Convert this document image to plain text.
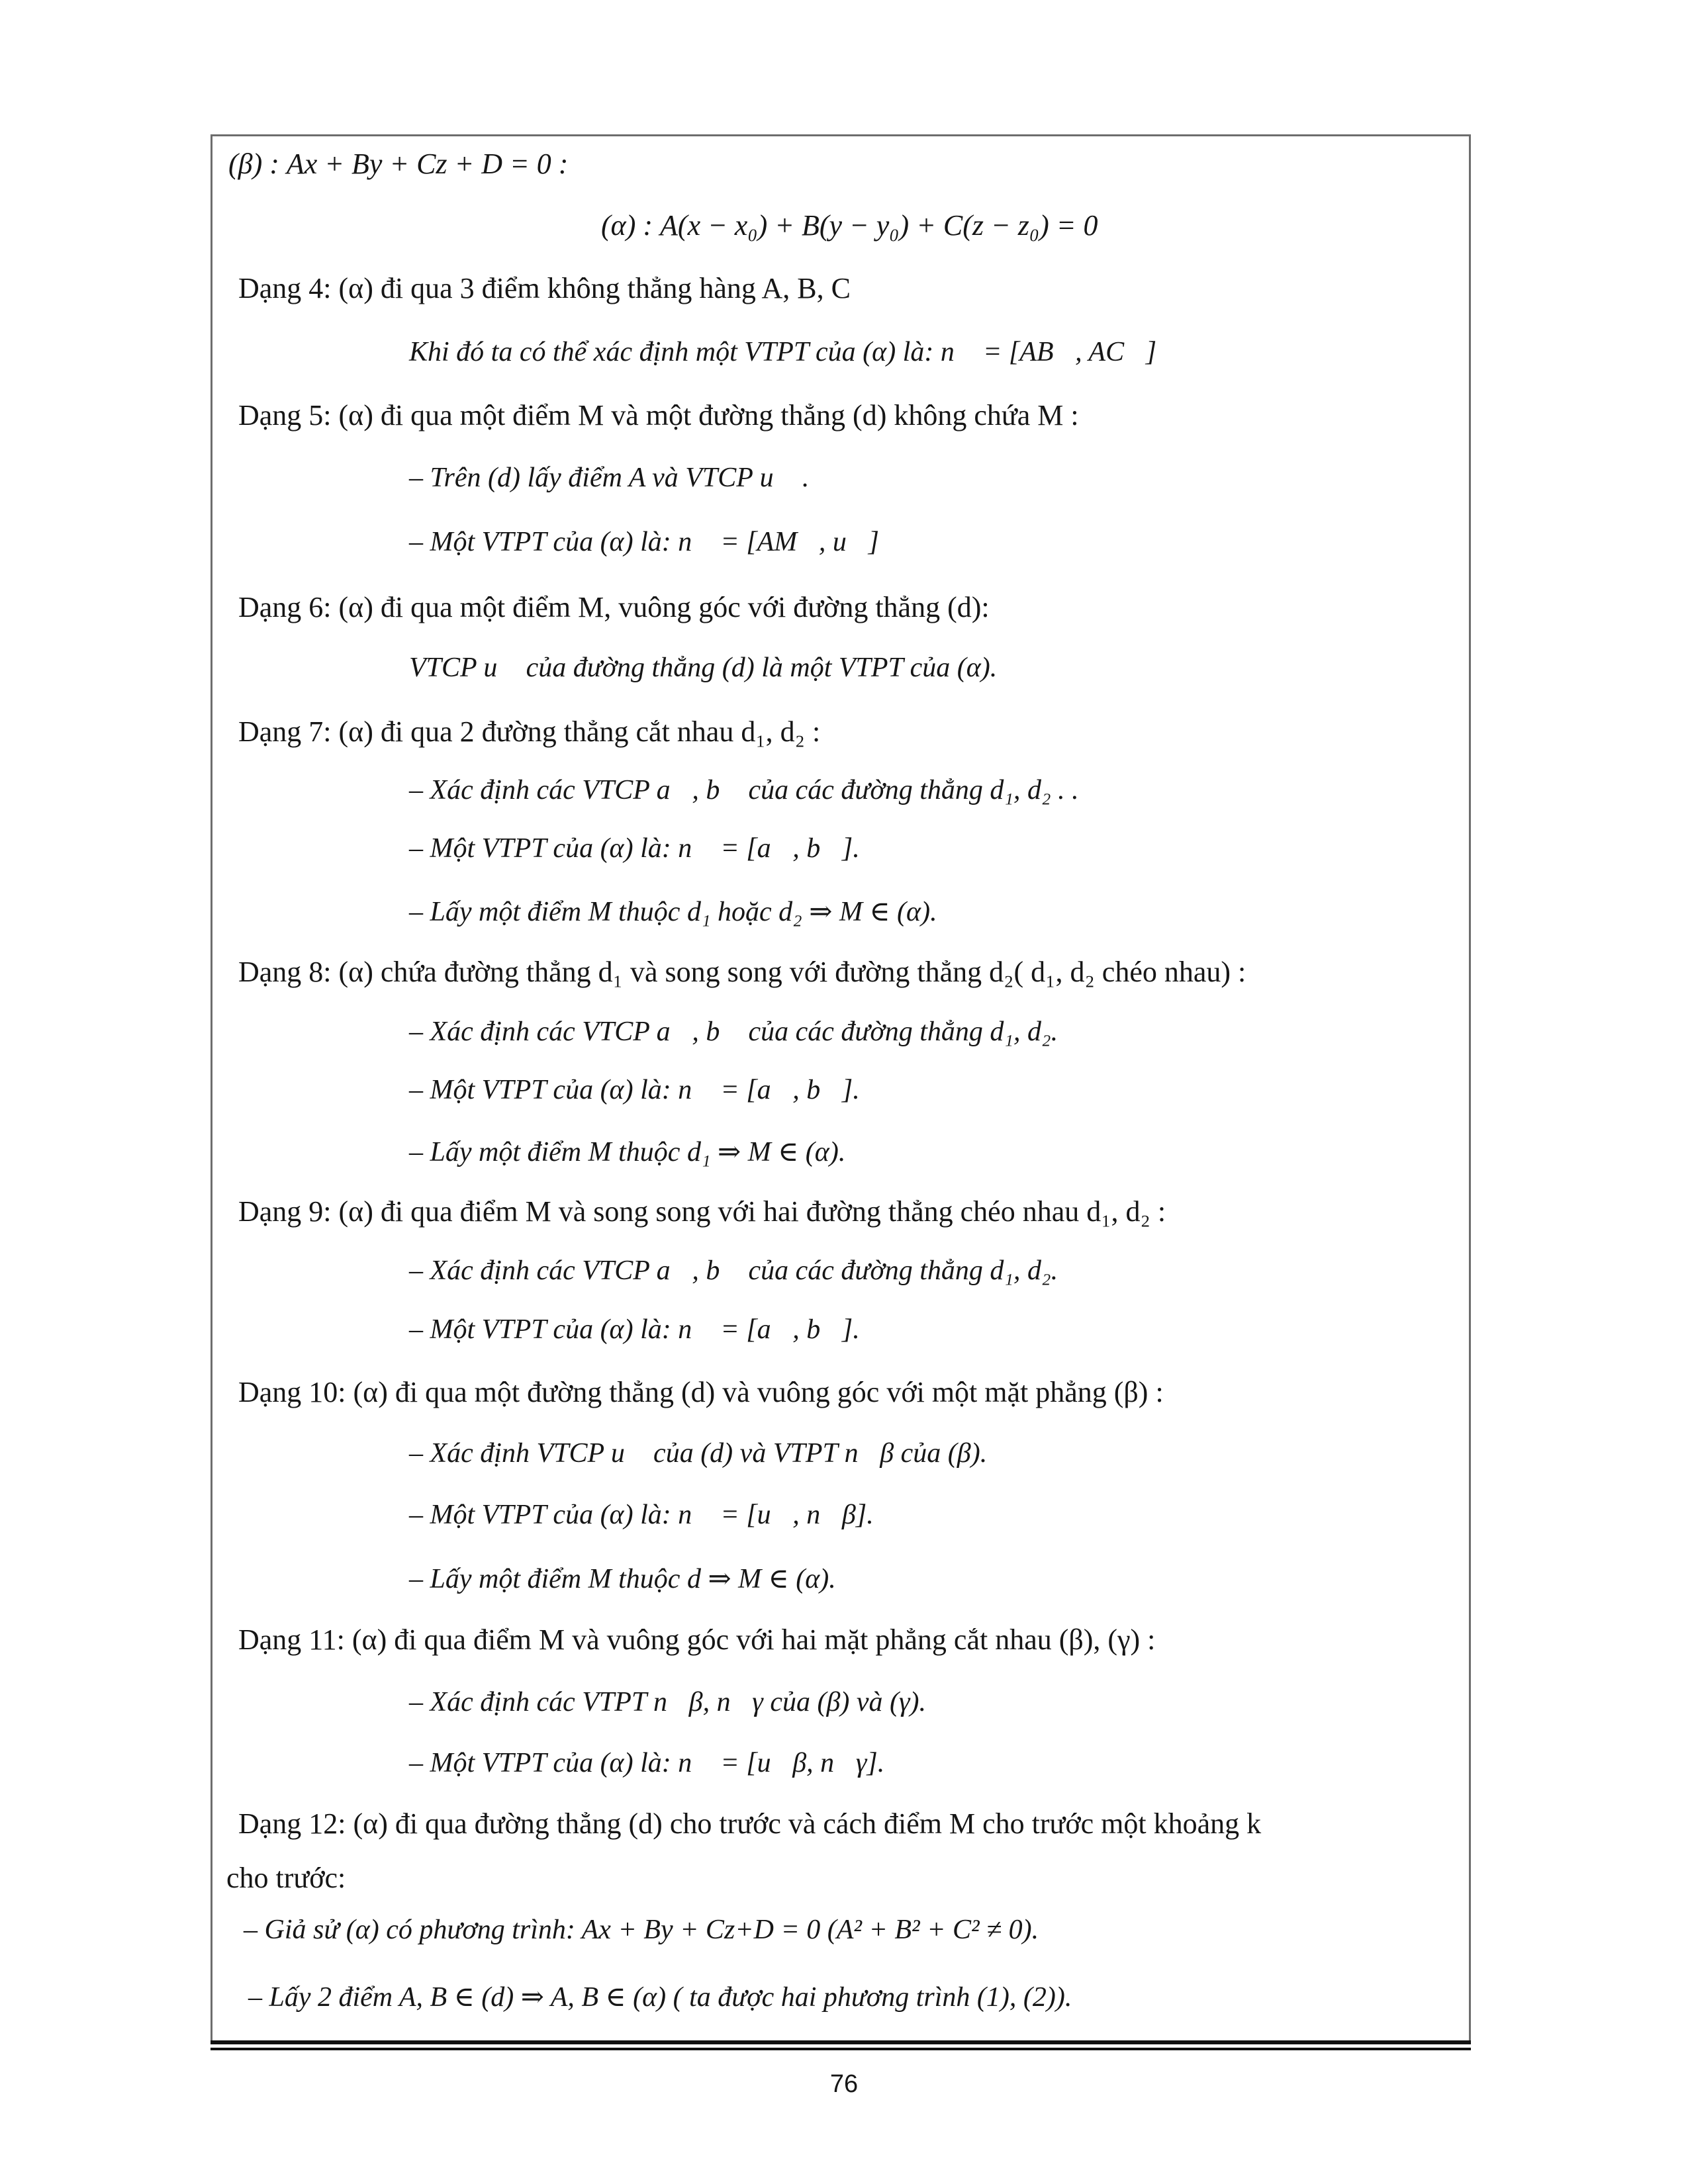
(β) : Ax + By + Cz + D = 0 :
(α) : A(x − x₀) + B(y − y₀) + C(z − z₀) = 0
Dạng 4: (α) đi qua 3 điểm không thẳng hàng A, B, C
Khi đó ta có thể xác định một VTPT của (α) là: n⃗ = [AB⃗, AC⃗]
Dạng 5: (α) đi qua một điểm M và một đường thẳng (d) không chứa M :
– Trên (d) lấy điểm A và VTCP u⃗ .
– Một VTPT của (α) là: n⃗ = [AM⃗, u⃗]
Dạng 6: (α) đi qua một điểm M, vuông góc với đường thẳng (d):
VTCP u⃗ của đường thẳng (d) là một VTPT của (α).
Dạng 7: (α) đi qua 2 đường thẳng cắt nhau d₁, d₂ :
– Xác định các VTCP a⃗, b⃗ của các đường thẳng d₁, d₂ . .
– Một VTPT của (α) là: n⃗ = [a⃗, b⃗].
– Lấy một điểm M thuộc d₁ hoặc d₂ ⇒ M ∈ (α).
Dạng 8: (α) chứa đường thẳng d₁ và song song với đường thẳng d₂( d₁, d₂ chéo nhau) :
– Xác định các VTCP a⃗, b⃗ của các đường thẳng d₁, d₂.
– Một VTPT của (α) là: n⃗ = [a⃗, b⃗].
– Lấy một điểm M thuộc d₁ ⇒ M ∈ (α).
Dạng 9: (α) đi qua điểm M và song song với hai đường thẳng chéo nhau d₁, d₂ :
– Xác định các VTCP a⃗, b⃗ của các đường thẳng d₁, d₂.
– Một VTPT của (α) là: n⃗ = [a⃗, b⃗].
Dạng 10: (α) đi qua một đường thẳng (d) và vuông góc với một mặt phẳng (β) :
– Xác định VTCP u⃗ của (d) và VTPT n⃗β của (β).
– Một VTPT của (α) là: n⃗ = [u⃗, n⃗β].
– Lấy một điểm M thuộc d ⇒ M ∈ (α).
Dạng 11: (α) đi qua điểm M và vuông góc với hai mặt phẳng cắt nhau (β), (γ) :
– Xác định các VTPT n⃗β, n⃗γ của (β) và (γ).
– Một VTPT của (α) là: n⃗ = [u⃗β, n⃗γ].
Dạng 12: (α) đi qua đường thẳng (d) cho trước và cách điểm M cho trước một khoảng k
cho trước:
– Giả sử (α) có phương trình: Ax + By + Cz+D = 0 (A² + B² + C² ≠ 0).
– Lấy 2 điểm A, B ∈ (d) ⇒ A, B ∈ (α) ( ta được hai phương trình (1), (2)).
76
